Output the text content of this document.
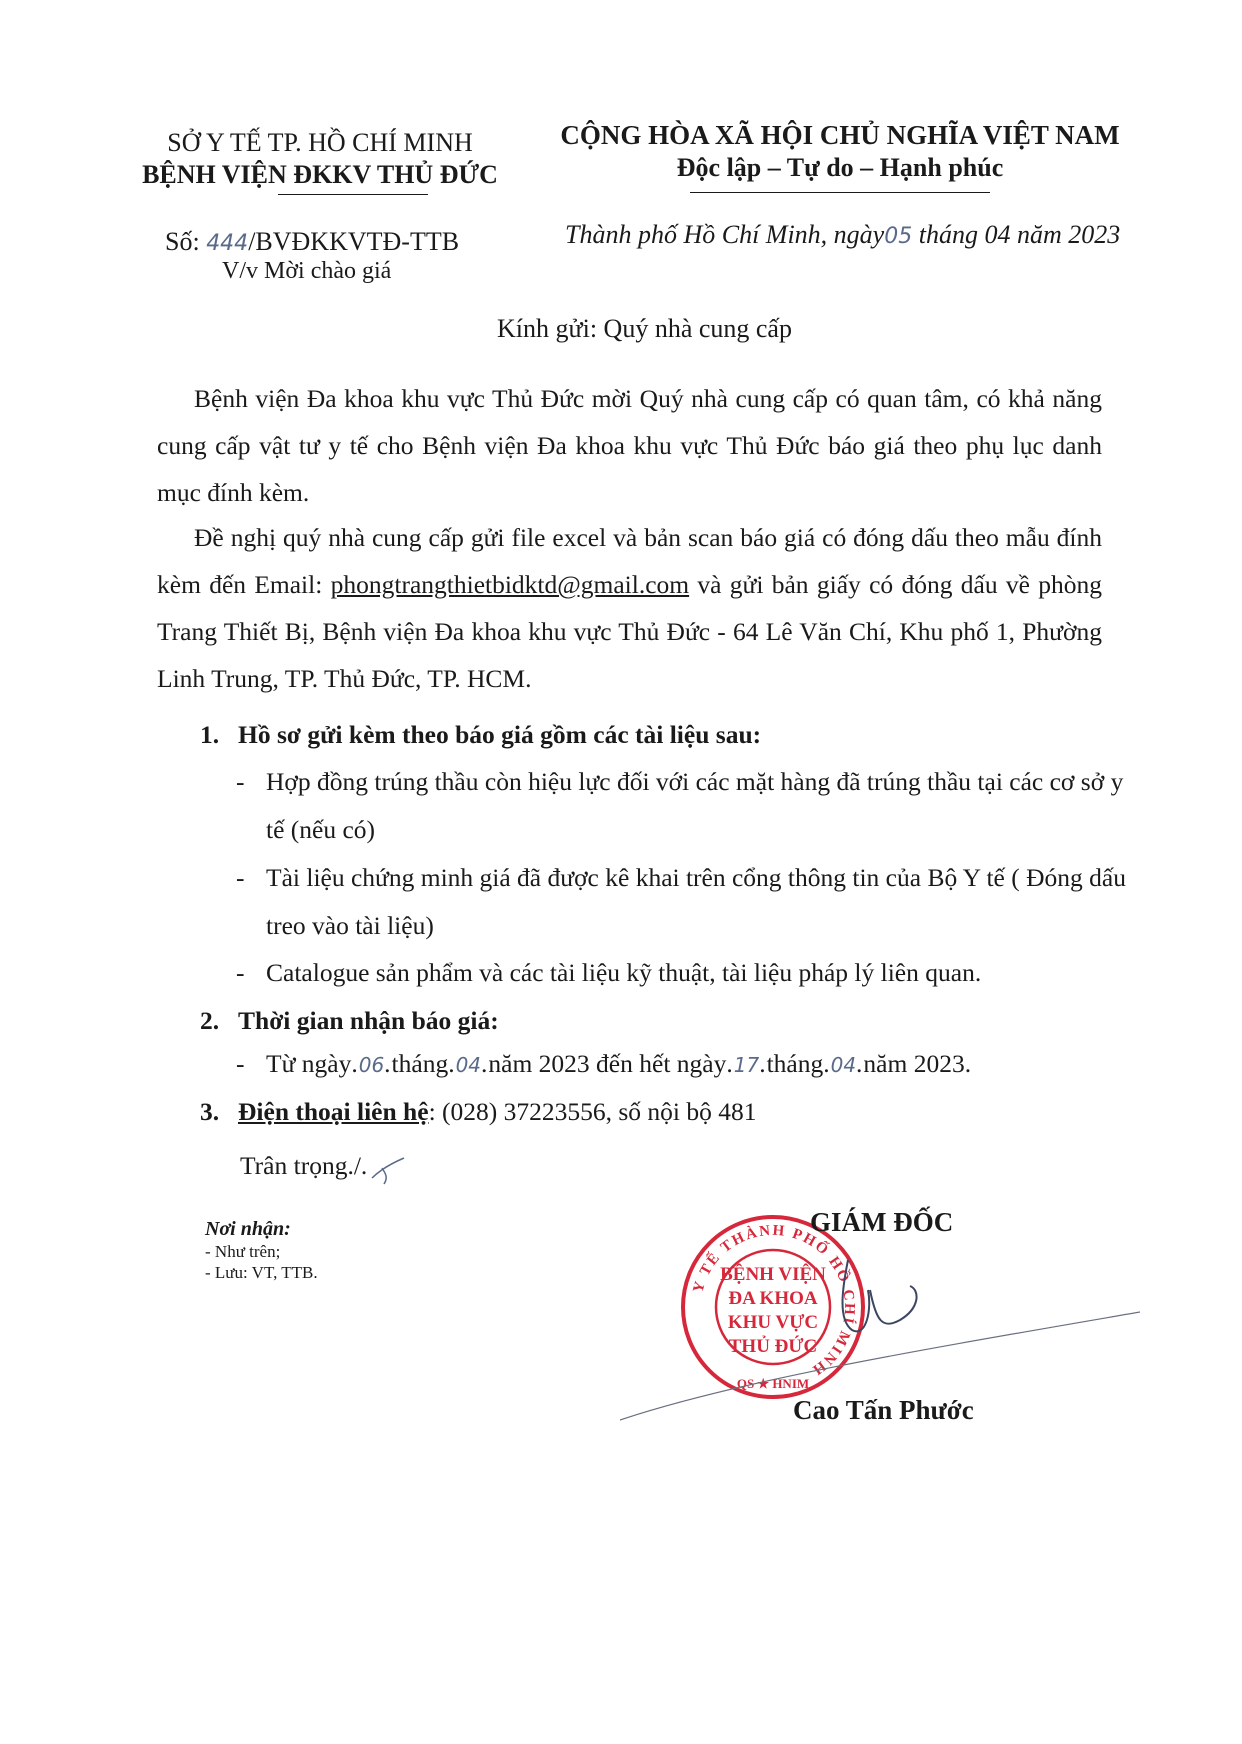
SỞ Y TẾ TP. HỒ CHÍ MINH
BỆNH VIỆN ĐKKV THỦ ĐỨC
CỘNG HÒA XÃ HỘI CHỦ NGHĨA VIỆT NAM
Độc lập – Tự do – Hạnh phúc
Số: 444/BVĐKKVTĐ-TTB
V/v Mời chào giá
Thành phố Hồ Chí Minh, ngày05 tháng 04 năm 2023
Kính gửi: Quý nhà cung cấp
Bệnh viện Đa khoa khu vực Thủ Đức mời Quý nhà cung cấp có quan tâm, có khả năng cung cấp vật tư y tế cho Bệnh viện Đa khoa khu vực Thủ Đức báo giá theo phụ lục danh mục đính kèm.
Đề nghị quý nhà cung cấp gửi file excel và bản scan báo giá có đóng dấu theo mẫu đính kèm đến Email: phongtrangthietbidktd@gmail.com và gửi bản giấy có đóng dấu về phòng Trang Thiết Bị, Bệnh viện Đa khoa khu vực Thủ Đức - 64 Lê Văn Chí, Khu phố 1, Phường Linh Trung, TP. Thủ Đức, TP. HCM.
1. Hồ sơ gửi kèm theo báo giá gồm các tài liệu sau:
- Hợp đồng trúng thầu còn hiệu lực đối với các mặt hàng đã trúng thầu tại các cơ sở y tế (nếu có)
- Tài liệu chứng minh giá đã được kê khai trên cổng thông tin của Bộ Y tế ( Đóng dấu treo vào tài liệu)
- Catalogue sản phẩm và các tài liệu kỹ thuật, tài liệu pháp lý liên quan.
2. Thời gian nhận báo giá:
- Từ ngày.06.tháng.04.năm 2023 đến hết ngày.17.tháng.04.năm 2023.
3. Điện thoại liên hệ: (028) 37223556, số nội bộ 481
Trân trọng./.
Nơi nhận:
- Như trên;
- Lưu: VT, TTB.
Y TẾ THÀNH PHỐ HỒ CHÍ MINH
BỆNH VIỆN
ĐA KHOA
KHU VỰC
THỦ ĐỨC
QS ★ HNIM
GIÁM ĐỐC
Cao Tấn Phước
